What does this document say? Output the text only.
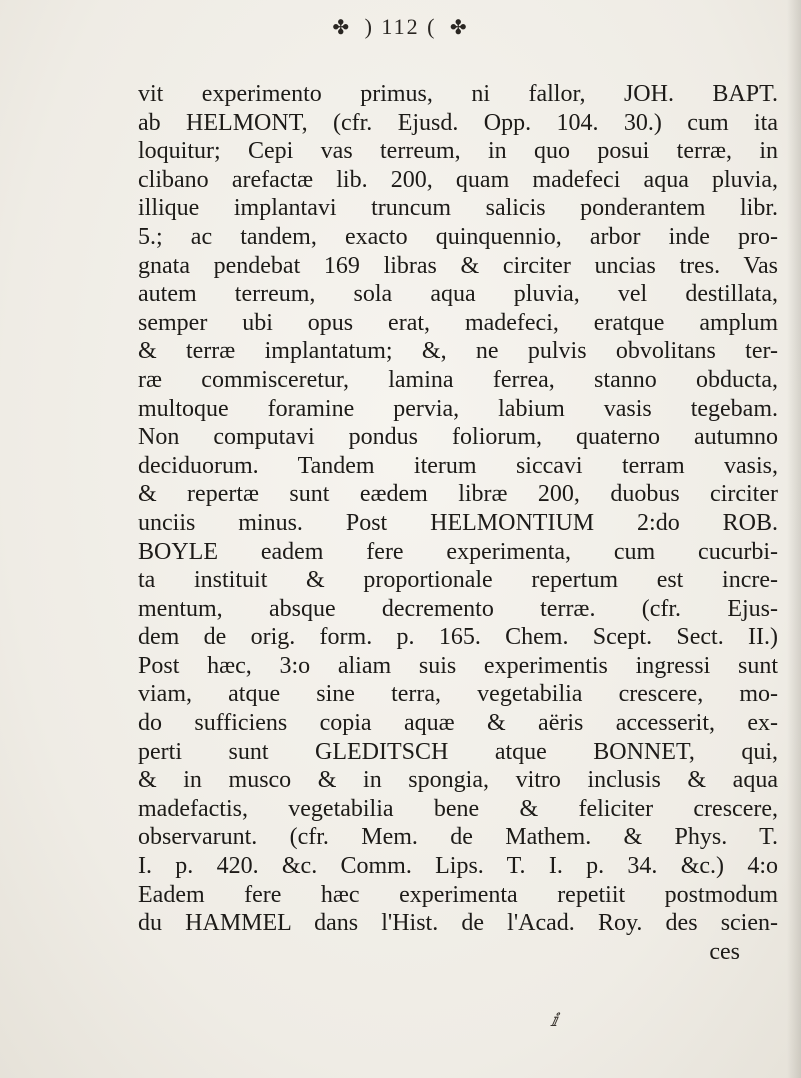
✤ ) 112 ( ✤
vit experimento primus, ni fallor, JOH. BAPT.
ab HELMONT, (cfr. Ejusd. Opp. 104. 30.) cum ita
loquitur; Cepi vas terreum, in quo posui terræ, in
clibano arefactæ lib. 200, quam madefeci aqua pluvia,
illique implantavi truncum salicis ponderantem libr.
5.; ac tandem, exacto quinquennio, arbor inde pro-
gnata pendebat 169 libras & circiter uncias tres. Vas
autem terreum, sola aqua pluvia, vel destillata,
semper ubi opus erat, madefeci, eratque amplum
& terræ implantatum; &, ne pulvis obvolitans ter-
ræ commisceretur, lamina ferrea, stanno obducta,
multoque foramine pervia, labium vasis tegebam.
Non computavi pondus foliorum, quaterno autumno
deciduorum. Tandem iterum siccavi terram vasis,
& repertæ sunt eædem libræ 200, duobus circiter
unciis minus. Post HELMONTIUM 2:do ROB.
BOYLE eadem fere experimenta, cum cucurbi-
ta instituit & proportionale repertum est incre-
mentum, absque decremento terræ. (cfr. Ejus-
dem de orig. form. p. 165. Chem. Scept. Sect. II.)
Post hæc, 3:o aliam suis experimentis ingressi sunt
viam, atque sine terra, vegetabilia crescere, mo-
do sufficiens copia aquæ & aëris accesserit, ex-
perti sunt GLEDITSCH atque BONNET, qui,
& in musco & in spongia, vitro inclusis & aqua
madefactis, vegetabilia bene & feliciter crescere,
observarunt. (cfr. Mem. de Mathem. & Phys. T.
I. p. 420. &c. Comm. Lips. T. I. p. 34. &c.) 4:o
Eadem fere hæc experimenta repetiit postmodum
du HAMMEL dans l'Hist. de l'Acad. Roy. des scien-
ces
ⅈ
